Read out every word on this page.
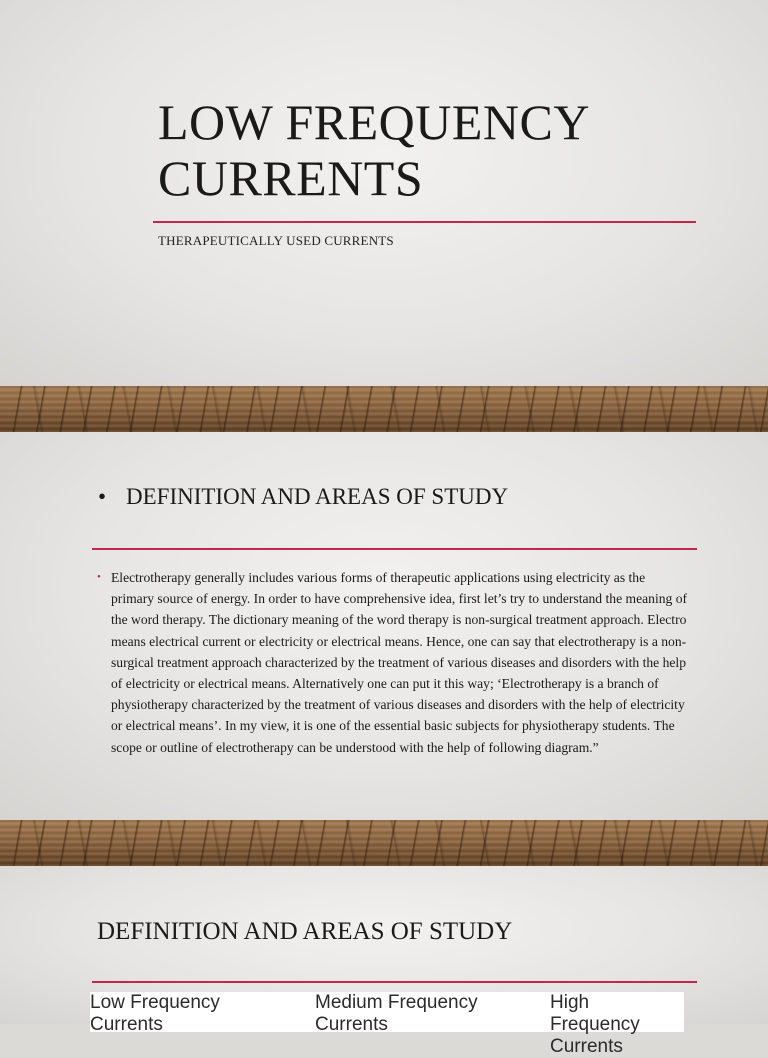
LOW FREQUENCY
CURRENTS

THERAPEUTICALLY USED CURRENTS

• DEFINITION AND AREAS OF STUDY
• Electrotherapy generally includes various forms of therapeutic applications using electricity as the primary source of energy. In order to have comprehensive idea, first let’s try to understand the meaning of the word therapy. The dictionary meaning of the word therapy is non-surgical treatment approach. Electro means electrical current or electricity or electrical means. Hence, one can say that electrotherapy is a non-surgical treatment approach characterized by the treatment of various diseases and disorders with the help of electricity or electrical means. Alternatively one can put it this way; ‘Electrotherapy is a branch of physiotherapy characterized by the treatment of various diseases and disorders with the help of electricity or electrical means’. In my view, it is one of the essential basic subjects for physiotherapy students. The scope or outline of electrotherapy can be understood with the help of following diagram.”

DEFINITION AND AREAS OF STUDY
Low Frequency
Currents
Medium Frequency
Currents
High Frequency
Currents
